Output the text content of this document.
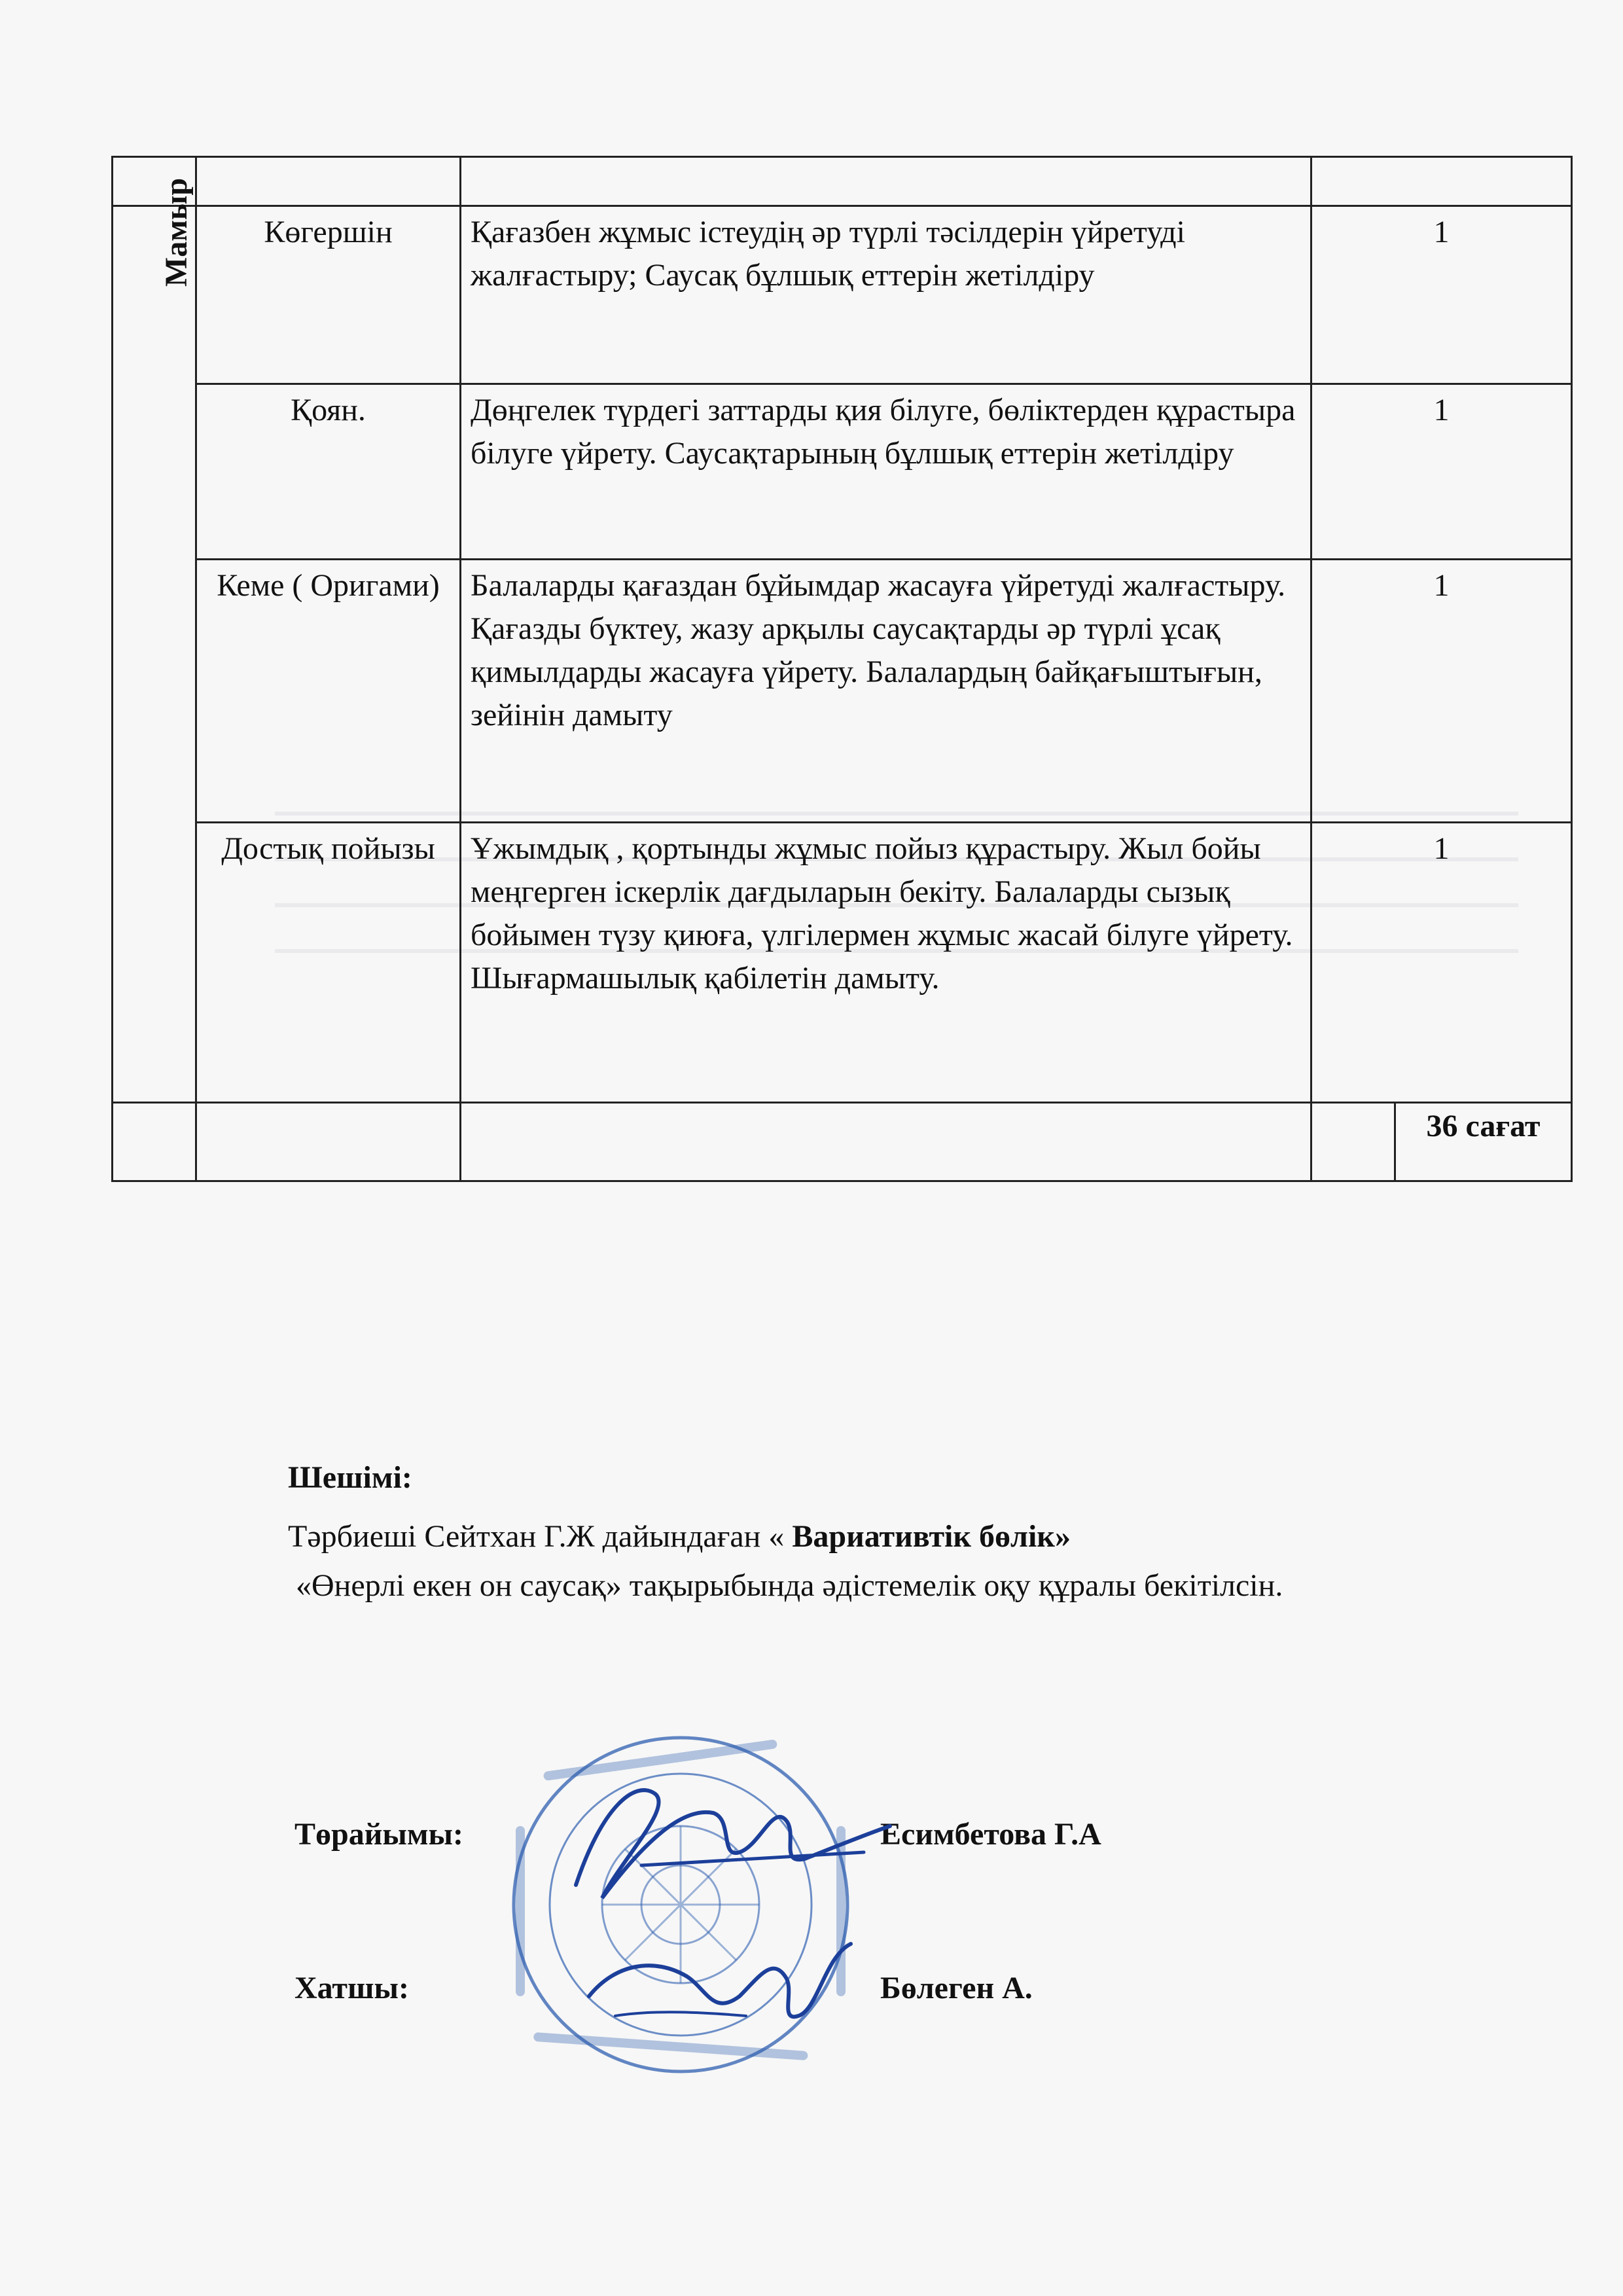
Мамыр	Көгершін	Қағазбен жұмыс істеудің әр түрлі тәсілдерін үйретуді жалғастыру; Саусақ бұлшық еттерін жетілдіру	1	
	Қоян.	Дөңгелек түрдегі заттарды қия білуге, бөліктерден құрастыра білуге үйрету. Саусақтарының бұлшық еттерін жетілдіру	1	
	Кеме ( Оригами)	Балаларды қағаздан бұйымдар жасауға үйретуді жалғастыру. Қағазды бүктеу, жазу арқылы саусақтарды әр түрлі ұсақ қимылдарды жасауға үйрету. Балалардың байқағыштығын, зейінін дамыту	1	
	Достық пойызы	Ұжымдық , қортынды жұмыс пойыз құрастыру. Жыл бойы меңгерген іскерлік дағдыларын бекіту. Балаларды сызық бойымен түзу қиюға, үлгілермен жұмыс жасай білуге үйрету. Шығармашылық қабілетін дамыту.	1	
				36 сағат
Шешімі:
Тәрбиеші Сейтхан Г.Ж дайындаған « Вариативтік бөлік»
«Өнерлі екен он саусақ» тақырыбында әдістемелік оқу құралы бекітілсін.
Төрайымы:	Есимбетова Г.А
Хатшы:	Бөлеген А.
